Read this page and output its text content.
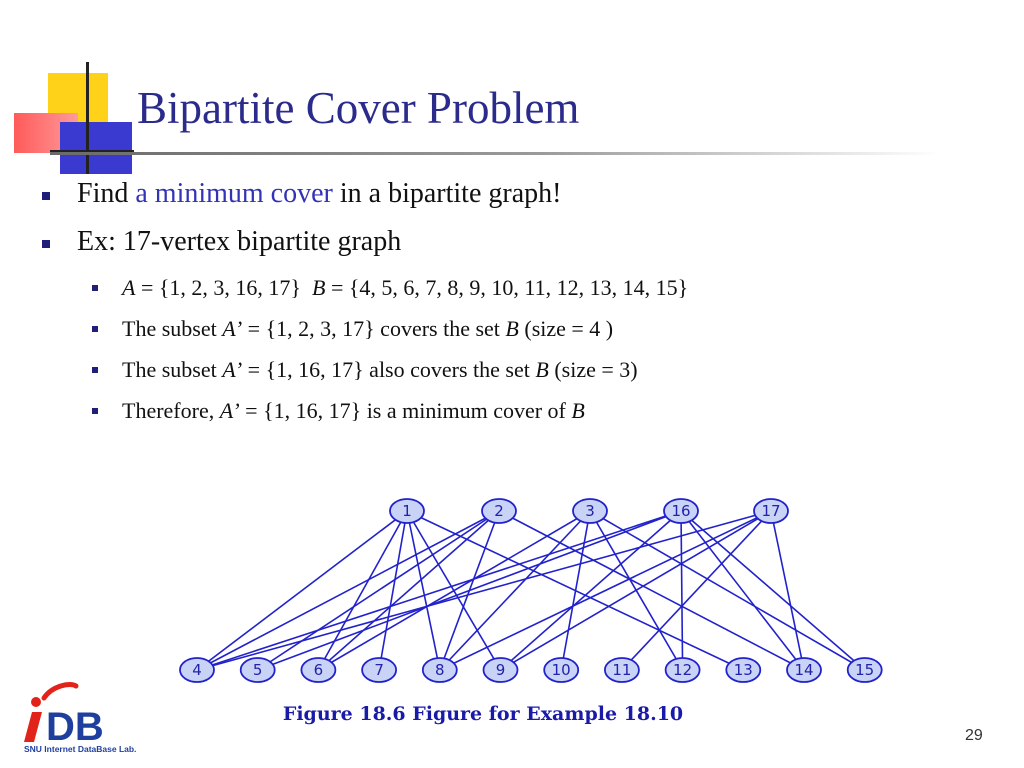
Bipartite Cover Problem
Find a minimum cover in a bipartite graph!
Ex: 17-vertex bipartite graph
A = {1, 2, 3, 16, 17}  B = {4, 5, 6, 7, 8, 9, 10, 11, 12, 13, 14, 15}
The subset A’ = {1, 2, 3, 17} covers the set B (size = 4 )
The subset A’ = {1, 16, 17} also covers the set B (size = 3)
Therefore, A’ = {1, 16, 17} is a minimum cover of B
1	2	3
4	5	6	7	8	9	10	11	12	13	14	15
16	17
Figure 18.6 Figure for Example 18.10
DB
SNU Internet DataBase Lab.
29
